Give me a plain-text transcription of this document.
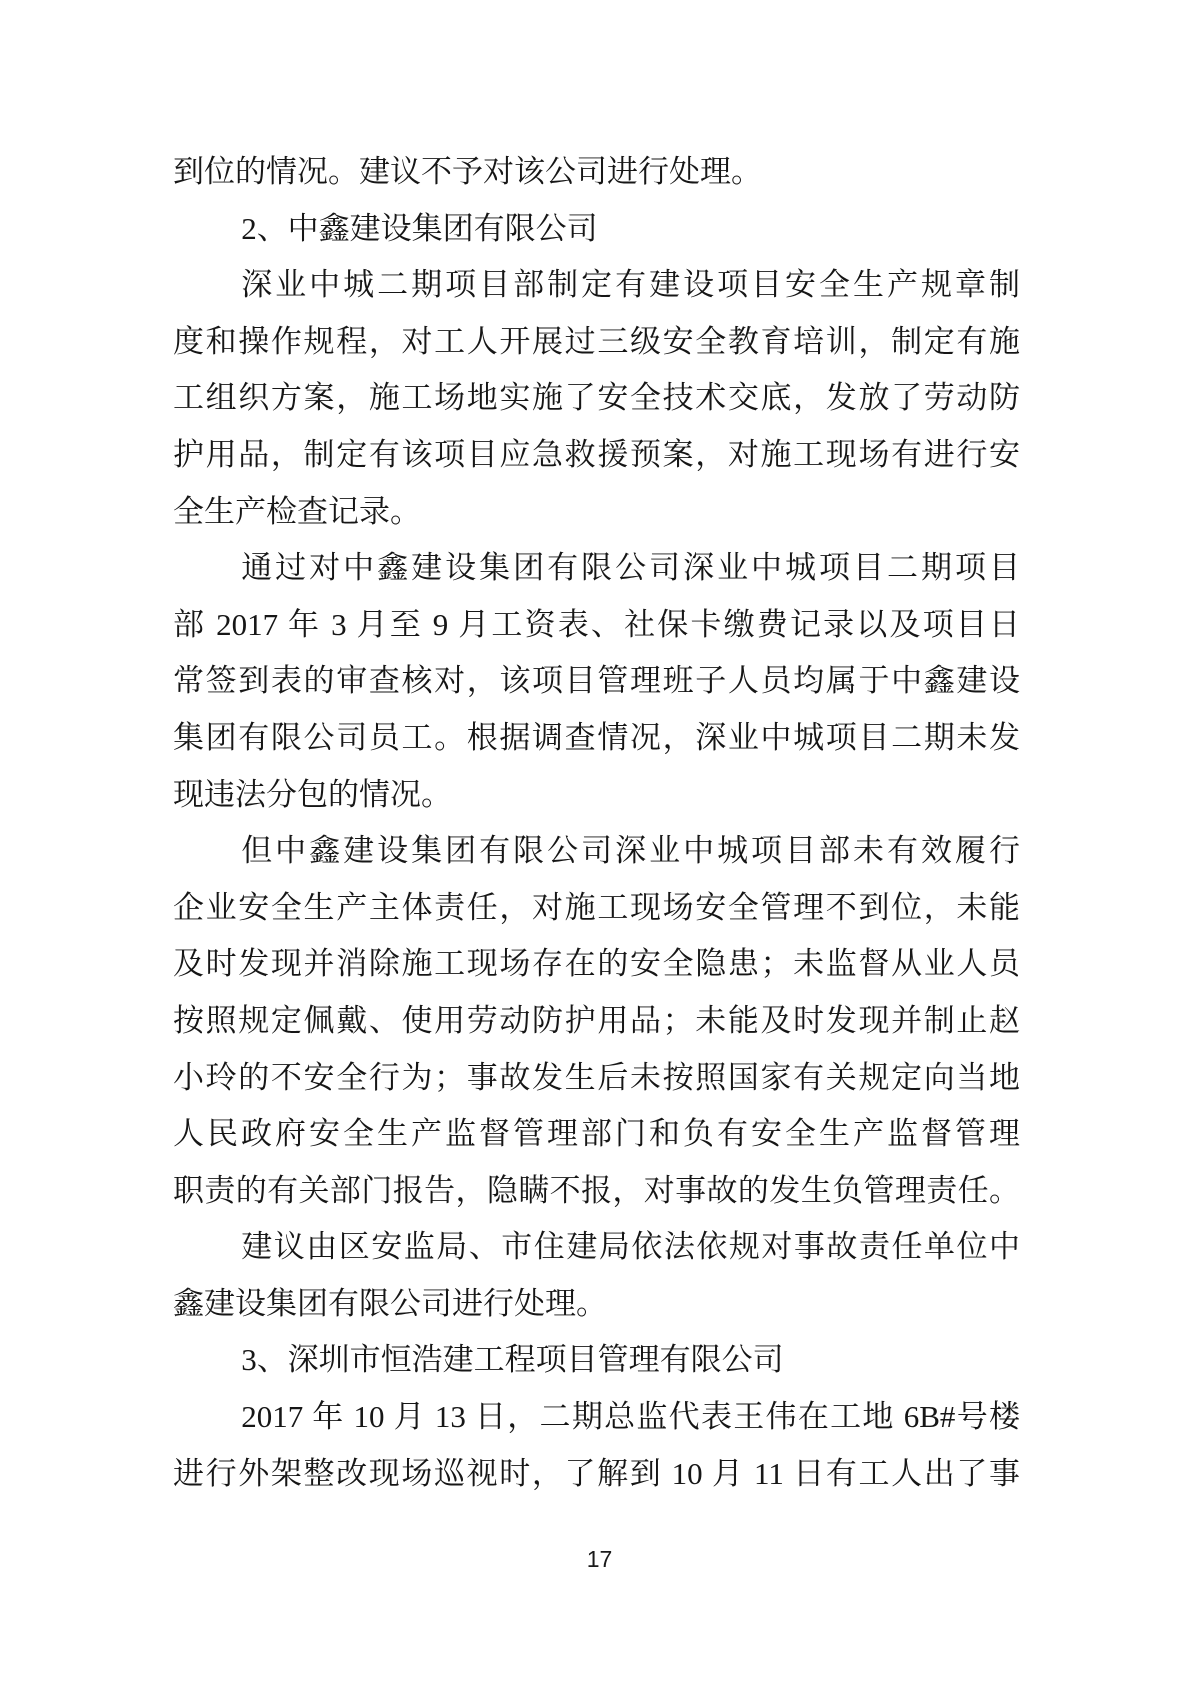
到位的情况。建议不予对该公司进行处理。
2、中鑫建设集团有限公司
深业中城二期项目部制定有建设项目安全生产规章制
度和操作规程，对工人开展过三级安全教育培训，制定有施
工组织方案，施工场地实施了安全技术交底，发放了劳动防
护用品，制定有该项目应急救援预案，对施工现场有进行安
全生产检查记录。
通过对中鑫建设集团有限公司深业中城项目二期项目
部 2017 年 3 月至 9 月工资表、社保卡缴费记录以及项目日
常签到表的审查核对，该项目管理班子人员均属于中鑫建设
集团有限公司员工。根据调查情况，深业中城项目二期未发
现违法分包的情况。
但中鑫建设集团有限公司深业中城项目部未有效履行
企业安全生产主体责任，对施工现场安全管理不到位，未能
及时发现并消除施工现场存在的安全隐患；未监督从业人员
按照规定佩戴、使用劳动防护用品；未能及时发现并制止赵
小玲的不安全行为；事故发生后未按照国家有关规定向当地
人民政府安全生产监督管理部门和负有安全生产监督管理
职责的有关部门报告，隐瞒不报，对事故的发生负管理责任。
建议由区安监局、市住建局依法依规对事故责任单位中
鑫建设集团有限公司进行处理。
3、深圳市恒浩建工程项目管理有限公司
2017 年 10 月 13 日，二期总监代表王伟在工地 6B#号楼
进行外架整改现场巡视时，了解到 10 月 11 日有工人出了事
17
